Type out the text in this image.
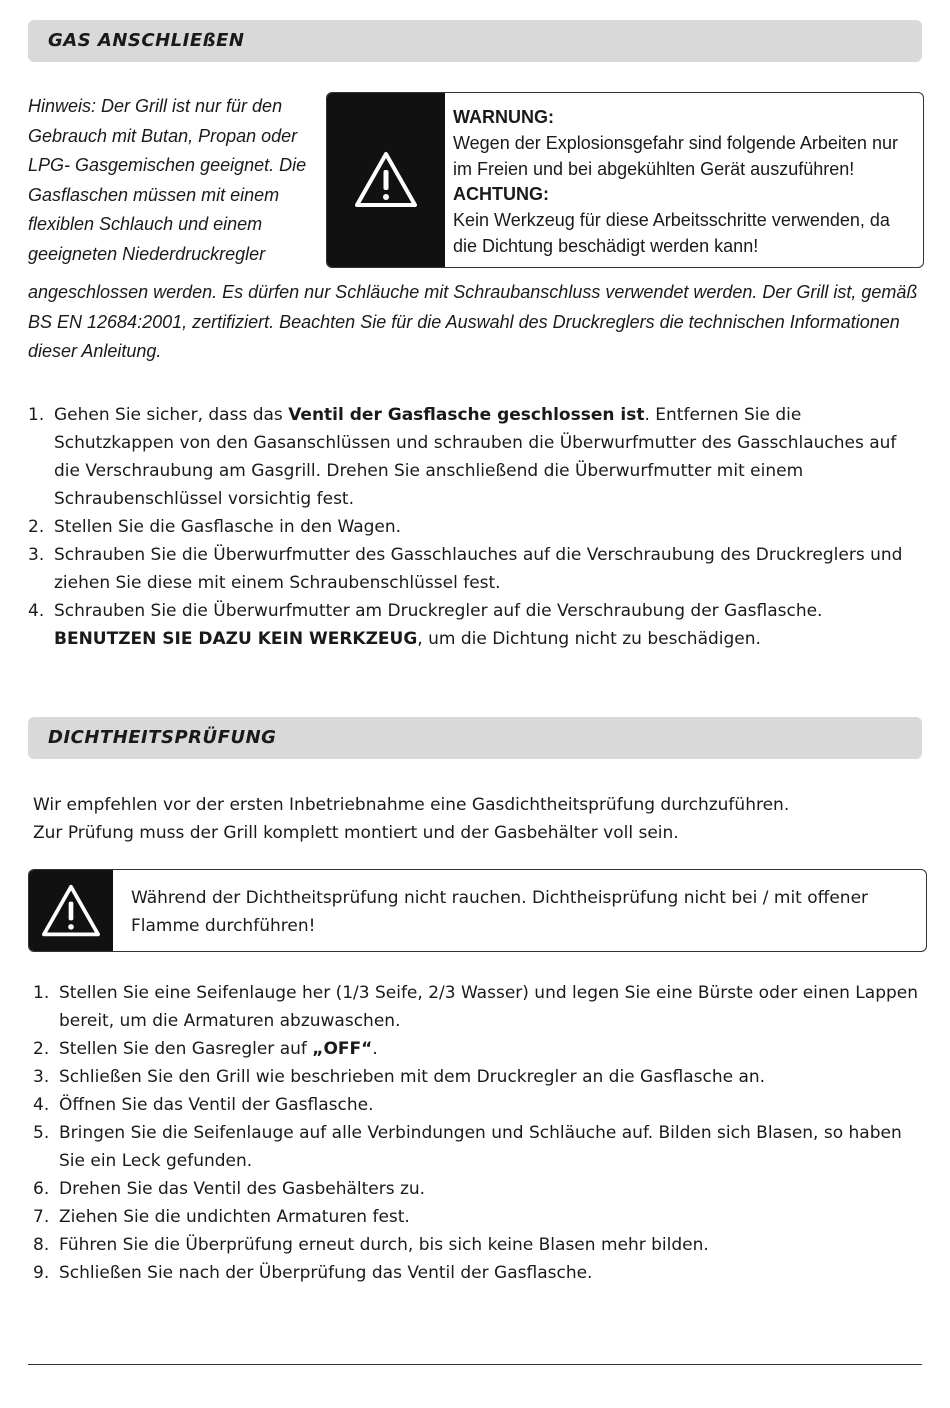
GAS ANSCHLIEßEN
Hinweis: Der Grill ist nur für den Gebrauch mit Butan, Propan oder LPG- Gasgemischen geeignet. Die Gasflaschen müssen mit einem flexiblen Schlauch und einem geeigneten Niederdruckregler
WARNUNG:
Wegen der Explosionsgefahr sind folgende Arbeiten nur im Freien und bei abgekühlten Gerät auszuführen!
ACHTUNG:
Kein Werkzeug für diese Arbeitsschritte verwenden, da die Dichtung beschädigt werden kann!
angeschlossen werden. Es dürfen nur Schläuche mit Schraubanschluss verwendet werden. Der Grill ist, gemäß BS EN 12684:2001, zertifiziert. Beachten Sie für die Auswahl des Druckreglers die technischen Informationen dieser Anleitung.
1. Gehen Sie sicher, dass das Ventil der Gasflasche geschlossen ist. Entfernen Sie die Schutzkappen von den Gasanschlüssen und schrauben die Überwurfmutter des Gasschlauches auf die Verschraubung am Gasgrill. Drehen Sie anschließend die Überwurfmutter mit einem Schraubenschlüssel vorsichtig fest.
2. Stellen Sie die Gasflasche in den Wagen.
3. Schrauben Sie die Überwurfmutter des Gasschlauches auf die Verschraubung des Druckreglers und ziehen Sie diese mit einem Schraubenschlüssel fest.
4. Schrauben Sie die Überwurfmutter am Druckregler auf die Verschraubung der Gasflasche. BENUTZEN SIE DAZU KEIN WERKZEUG, um die Dichtung nicht zu beschädigen.
DICHTHEITSPRÜFUNG
Wir empfehlen vor der ersten Inbetriebnahme eine Gasdichtheitsprüfung durchzuführen.
Zur Prüfung muss der Grill komplett montiert und der Gasbehälter voll sein.
Während der Dichtheitsprüfung nicht rauchen. Dichtheisprüfung nicht bei / mit offener Flamme durchführen!
1. Stellen Sie eine Seifenlauge her (1/3 Seife, 2/3 Wasser) und legen Sie eine Bürste oder einen Lappen bereit, um die Armaturen abzuwaschen.
2. Stellen Sie den Gasregler auf „OFF“.
3. Schließen Sie den Grill wie beschrieben mit dem Druckregler an die Gasflasche an.
4. Öffnen Sie das Ventil der Gasflasche.
5. Bringen Sie die Seifenlauge auf alle Verbindungen und Schläuche auf. Bilden sich Blasen, so haben Sie ein Leck gefunden.
6. Drehen Sie das Ventil des Gasbehälters zu.
7. Ziehen Sie die undichten Armaturen fest.
8. Führen Sie die Überprüfung erneut durch, bis sich keine Blasen mehr bilden.
9. Schließen Sie nach der Überprüfung das Ventil der Gasflasche.
